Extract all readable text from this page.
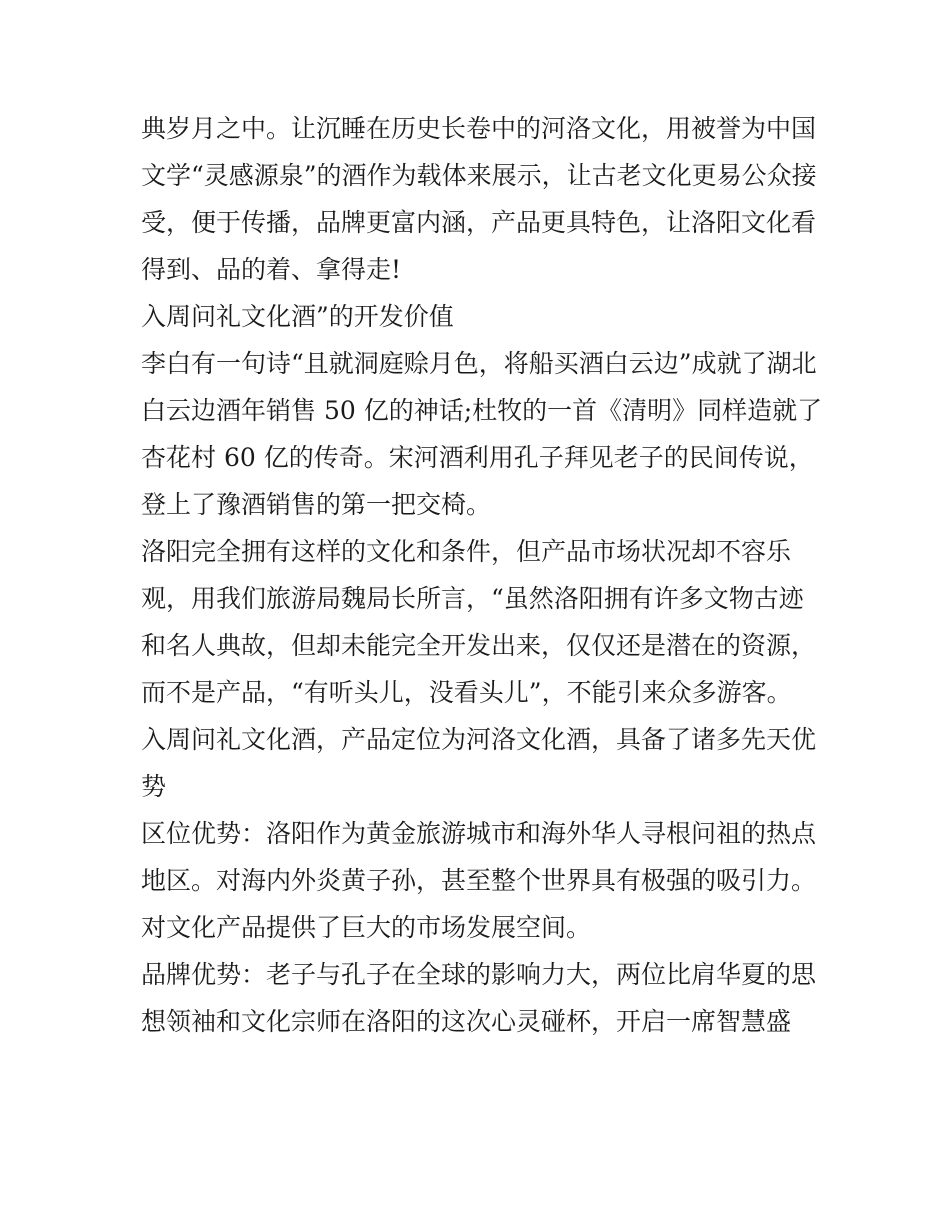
典岁月之中。让沉睡在历史长卷中的河洛文化，用被誉为中国
文学“灵感源泉”的酒作为载体来展示，让古老文化更易公众接
受，便于传播，品牌更富内涵，产品更具特色，让洛阳文化看
得到、品的着、拿得走!
入周问礼文化酒”的开发价值
李白有一句诗“且就洞庭赊月色，将船买酒白云边”成就了湖北
白云边酒年销售 50 亿的神话;杜牧的一首《清明》同样造就了
杏花村 60 亿的传奇。宋河酒利用孔子拜见老子的民间传说，
登上了豫酒销售的第一把交椅。
洛阳完全拥有这样的文化和条件，但产品市场状况却不容乐
观，用我们旅游局魏局长所言，“虽然洛阳拥有许多文物古迹
和名人典故，但却未能完全开发出来，仅仅还是潜在的资源，
而不是产品，“有听头儿，没看头儿”，不能引来众多游客。
入周问礼文化酒，产品定位为河洛文化酒，具备了诸多先天优
势
区位优势：洛阳作为黄金旅游城市和海外华人寻根问祖的热点
地区。对海内外炎黄子孙，甚至整个世界具有极强的吸引力。
对文化产品提供了巨大的市场发展空间。
品牌优势：老子与孔子在全球的影响力大，两位比肩华夏的思
想领袖和文化宗师在洛阳的这次心灵碰杯，开启一席智慧盛
